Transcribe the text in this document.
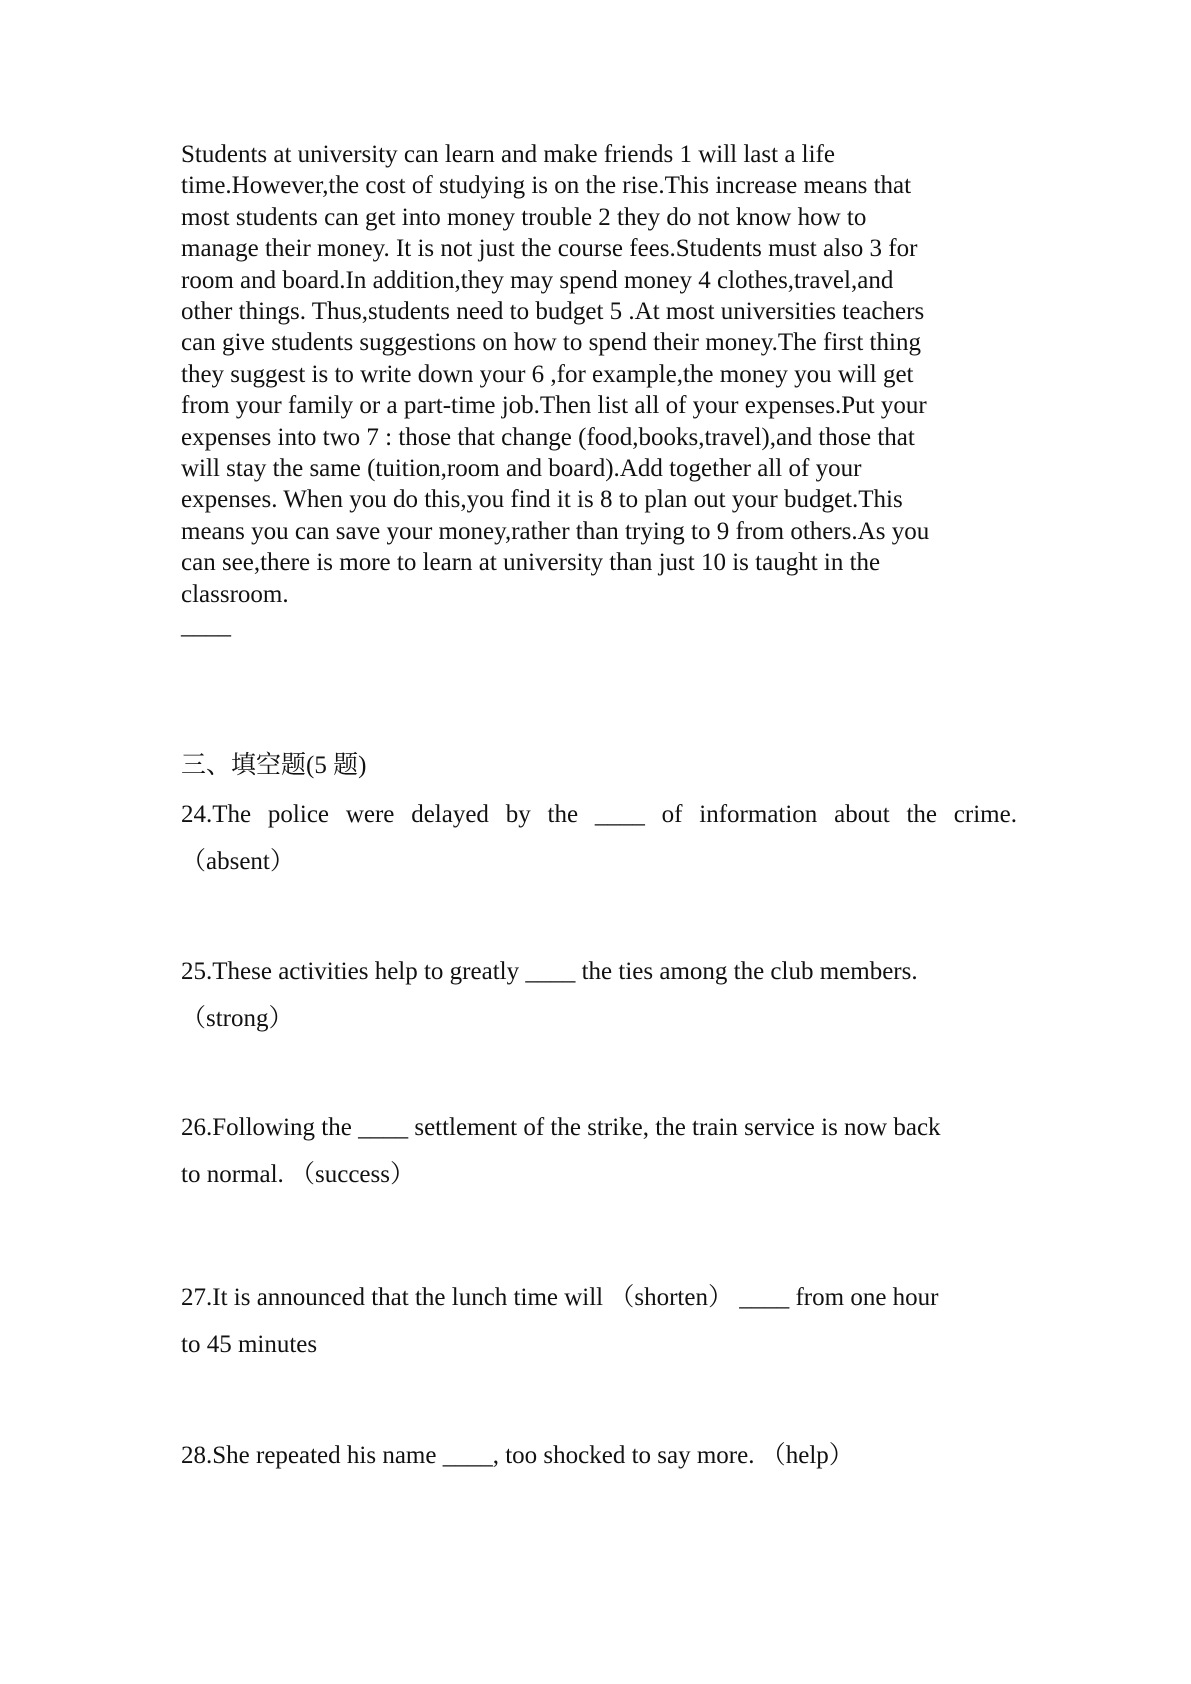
Students at university can learn and make friends 1 will last a life
time.However,the cost of studying is on the rise.This increase means that
most students can get into money trouble 2 they do not know how to
manage their money. It is not just the course fees.Students must also 3 for
room and board.In addition,they may spend money 4 clothes,travel,and
other things. Thus,students need to budget 5 .At most universities teachers
can give students suggestions on how to spend their money.The first thing
they suggest is to write down your 6 ,for example,the money you will get
from your family or a part-time job.Then list all of your expenses.Put your
expenses into two 7 : those that change (food,books,travel),and those that
will stay the same (tuition,room and board).Add together all of your
expenses. When you do this,you find it is 8 to plan out your budget.This
means you can save your money,rather than trying to 9 from others.As you
can see,there is more to learn at university than just 10 is taught in the
classroom.
____
三、填空题(5 题)
24.The police were delayed by the ____ of information about the crime.
（absent）
25.These activities help to greatly ____ the ties among the club members.
（strong）
26.Following the ____ settlement of the strike, the train service is now back
to normal. （success）
27.It is announced that the lunch time will （shorten） ____ from one hour
to 45 minutes
28.She repeated his name ____, too shocked to say more. （help）
